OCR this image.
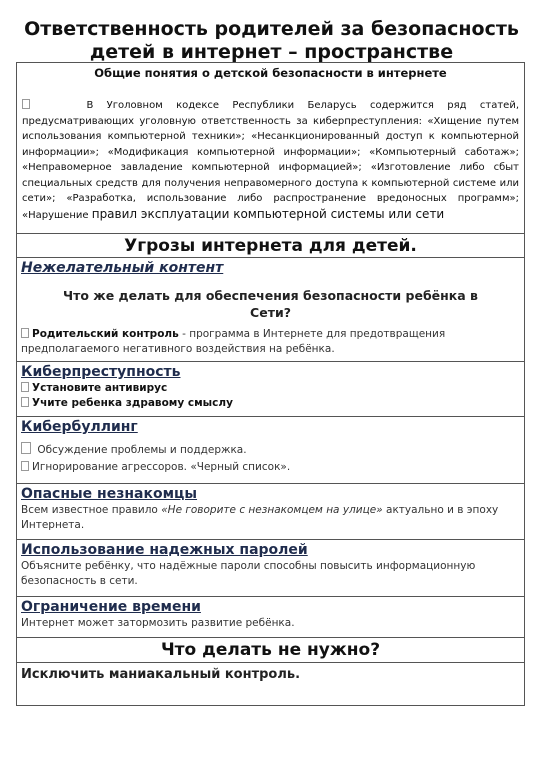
Ответственность родителей за безопасность детей в интернет – пространстве
Общие понятия о детской безопасности в интернете
В Уголовном кодексе Республики Беларусь содержится ряд статей, предусматривающих уголовную ответственность за киберпреступления: «Хищение путем использования компьютерной техники»; «Несанкционированный доступ к компьютерной информации»; «Модификация компьютерной информации»; «Компьютерный саботаж»; «Неправомерное завладение компьютерной информацией»; «Изготовление либо сбыт специальных средств для получения неправомерного доступа к компьютерной системе или сети»; «Разработка, использование либо распространение вредоносных программ»; «Нарушение правил эксплуатации компьютерной системы или сети
Угрозы интернета для детей.
Нежелательный контент
Что же делать для обеспечения безопасности ребёнка в Сети?
Родительский контроль - программа в Интернете для предотвращения предполагаемого негативного воздействия на ребёнка.
Киберпреступность
Установите антивирус
Учите ребенка здравому смыслу
Кибербуллинг
Обсуждение проблемы и поддержка.
Игнорирование агрессоров. «Черный список».
Опасные незнакомцы
Всем известное правило «Не говорите с незнакомцем на улице» актуально и в эпоху Интернета.
Использование надежных паролей
Объясните ребёнку, что надёжные пароли способны повысить информационную безопасность в сети.
Ограничение времени
Интернет может затормозить развитие ребёнка.
Что делать не нужно?
Исключить маниакальный контроль.
